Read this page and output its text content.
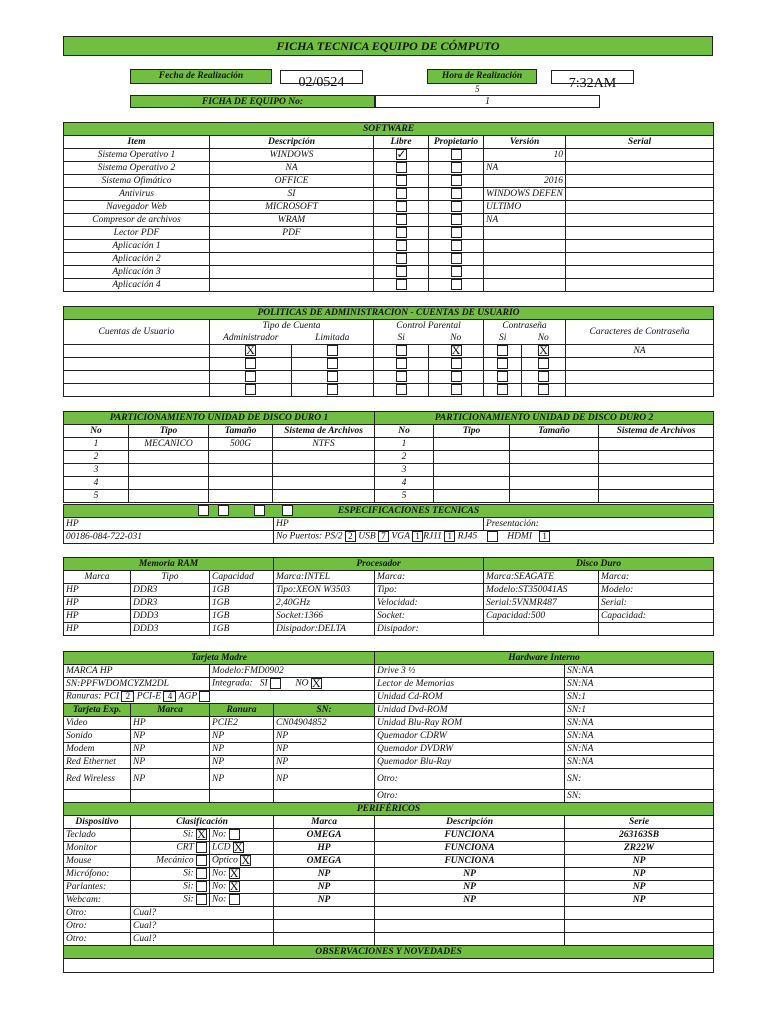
FICHA TECNICA EQUIPO DE CÓMPUTO
Fecha de Realización	02/0524	Hora de Realización
5	7:32AM
FICHA DE EQUIPO No:	1
SOFTWARE					
Item	Descripción	Libre	Propietario	Versión	Serial
Sistema Operativo 1	WINDOWS	✓		10	
Sistema Operativo 2	NA			NA	
Sistema Ofimático	OFFICE			2016	
Antivirus	SI			WINDOWS DEFEN	
Navegador Web	MICROSOFT			ULTIMO	
Compresor de archivos	WRAM			NA	
Lector PDF	PDF				
Aplicación 1					
Aplicación 2					
Aplicación 3					
Aplicación 4					
POLITICAS DE ADMINISTRACION - CUENTAS DE USUARIO							
Cuentas de Usuario	Tipo de Cuenta		Control Parental		Contraseña		Caracteres de Contraseña
	Administrador	Limitada	Si	No	Si	No	
	X			X		X	NA

PARTICIONAMIENTO UNIDAD DE DISCO DURO 1				PARTICIONAMIENTO UNIDAD DE DISCO DURO 2			
No	Tipo	Tamaño	Sistema de Archivos	No	Tipo	Tamaño	Sistema de Archivos
1	MECANICO	500G	NTFS	1			
2				2			
3				3			
4				4			
5				5			
ESPECIFICACIONES TECNICAS		
HP	HP	Presentación:
00186-084-722-031	No Puertos: PS/2 2 USB 7 VGA 1 RJ11 1 RJ45 HDMI 1	
Memoria RAM			Procesador		Disco Duro	
Marca	Tipo	Capacidad	Marca:INTEL	Marca:	Marca:SEAGATE	Marca:
HP	DDR3	1GB	Tipo:XEON W3503	Tipo:	Modelo:ST350041AS	Modelo:
HP	DDR3	1GB	2,40GHz	Velocidad:	Serial:5VNMR487	Serial:
HP	DDD3	1GB	Socket:1366	Socket:	Capacidad:500	Capacidad:
HP	DDD3	1GB	Disipador:DELTA	Disipador:		
Tarjeta Madre				Hardware Interno	
MARCA HP		Modelo:FMD0902		Drive 3 ½	SN:NA
SN:PPFWDOMCYZM2DL		Integrada: SI NO X		Lector de Memorias	SN:NA
Ranuras: PCI 2 PCI-E 4 AGP				Unidad Cd-ROM	SN:1
Tarjeta Exp.	Marca	Ranura	SN:	Unidad Dvd-ROM	SN:1
Video	HP	PCIE2	CN04904852	Unidad Blu-Ray ROM	SN:NA
Sonido	NP	NP	NP	Quemador CDRW	SN:NA
Modem	NP	NP	NP	Quemador DVDRW	SN:NA
Red Ethernet	NP	NP	NP	Quemador Blu-Ray	SN:NA
Red Wireless	NP	NP	NP	Otro:	SN:
				Otro:	SN:
PERIFÉRICOS					
Dispositivo	Clasificación		Marca	Descripción	Serie
Teclado	Si: X	No:	OMEGA	FUNCIONA	263163SB
Monitor	CRT	LCD X	HP	FUNCIONA	ZR22W
Mouse	Mecánico	Óptico X	OMEGA	FUNCIONA	NP
Micrófono:	Si:	No: X	NP	NP	NP
Parlantes:	Si:	No: X	NP	NP	NP
Webcam:	Si:	No:	NP	NP	NP
Otro:	Cual?				
Otro:	Cual?				
Otro:	Cual?				
OBSERVACIONES Y NOVEDADES					
